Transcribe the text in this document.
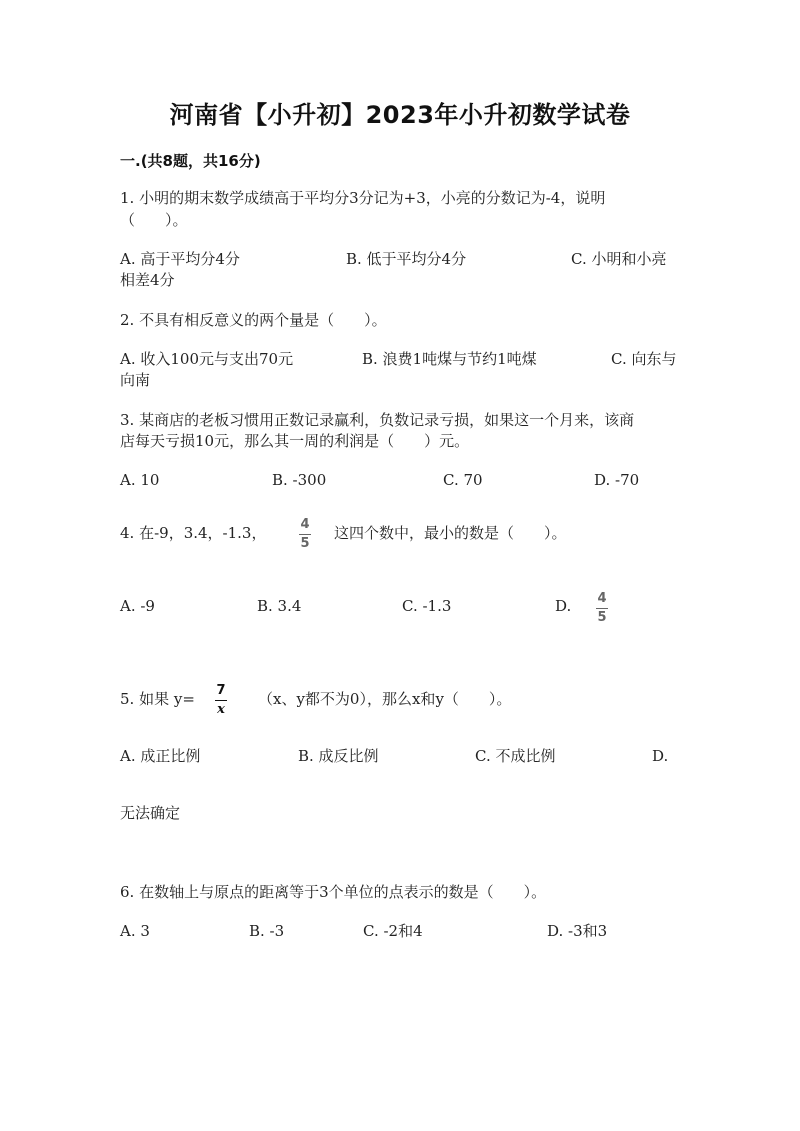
河南省【小升初】2023年小升初数学试卷
一.(共8题，共16分)
1. 小明的期末数学成绩高于平均分3分记为+3，小亮的分数记为-4，说明
（　　）。
A. 高于平均分4分	B. 低于平均分4分	C. 小明和小亮
相差4分
2. 不具有相反意义的两个量是（　　）。
A. 收入100元与支出70元	B. 浪费1吨煤与节约1吨煤	C. 向东与
向南
3. 某商店的老板习惯用正数记录赢利，负数记录亏损，如果这一个月来，该商
店每天亏损10元，那么其一周的利润是（　　）元。
A. 10	B. -300	C. 70	D. -70
4. 在-9，3.4，-1.3，	4
5
这四个数中，最小的数是（　　）。
A. -9	B. 3.4	C. -1.3	D. 4
5
5. 如果 y= 7
x
（x、y都不为0），那么x和y（　　）。
A. 成正比例	B. 成反比例	C. 不成比例	D.
无法确定
6. 在数轴上与原点的距离等于3个单位的点表示的数是（　　）。
A. 3	B. -3	C. -2和4	D. -3和3
